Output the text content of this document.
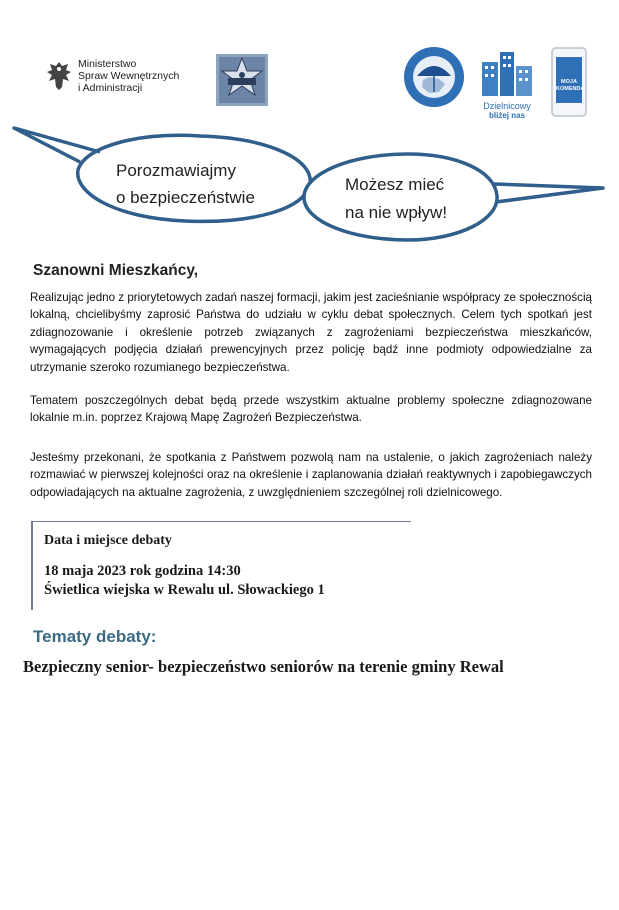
Ministerstwo
Spraw Wewnętrznych
i Administracji
Dzielnicowy
bliżej nas
MOJA
KOMENDA
Porozmawiajmy
o bezpieczeństwie
Możesz mieć
na nie wpływ!
Szanowni Mieszkańcy,
Realizując jedno z priorytetowych zadań naszej formacji, jakim jest zacieśnianie współpracy ze społecznością lokalną, chcielibyśmy zaprosić Państwa do udziału w cyklu debat społecznych. Celem tych spotkań jest zdiagnozowanie i określenie potrzeb związanych z zagrożeniami bezpieczeństwa mieszkańców, wymagających podjęcia działań prewencyjnych przez policję bądź inne podmioty odpowiedzialne za utrzymanie szeroko rozumianego bezpieczeństwa.
Tematem poszczególnych debat będą przede wszystkim aktualne problemy społeczne zdiagnozowane lokalnie m.in. poprzez Krajową Mapę Zagrożeń Bezpieczeństwa.
Jesteśmy przekonani, że spotkania z Państwem pozwolą nam na ustalenie, o jakich zagrożeniach należy rozmawiać w pierwszej kolejności oraz na określenie i zaplanowania działań reaktywnych i zapobiegawczych odpowiadających na aktualne zagrożenia, z uwzględnieniem szczególnej roli dzielnicowego.
Data i miejsce debaty
18 maja 2023 rok godzina 14:30
Świetlica wiejska w Rewalu ul. Słowackiego 1
Tematy debaty:
Bezpieczny senior- bezpieczeństwo seniorów na terenie gminy Rewal
